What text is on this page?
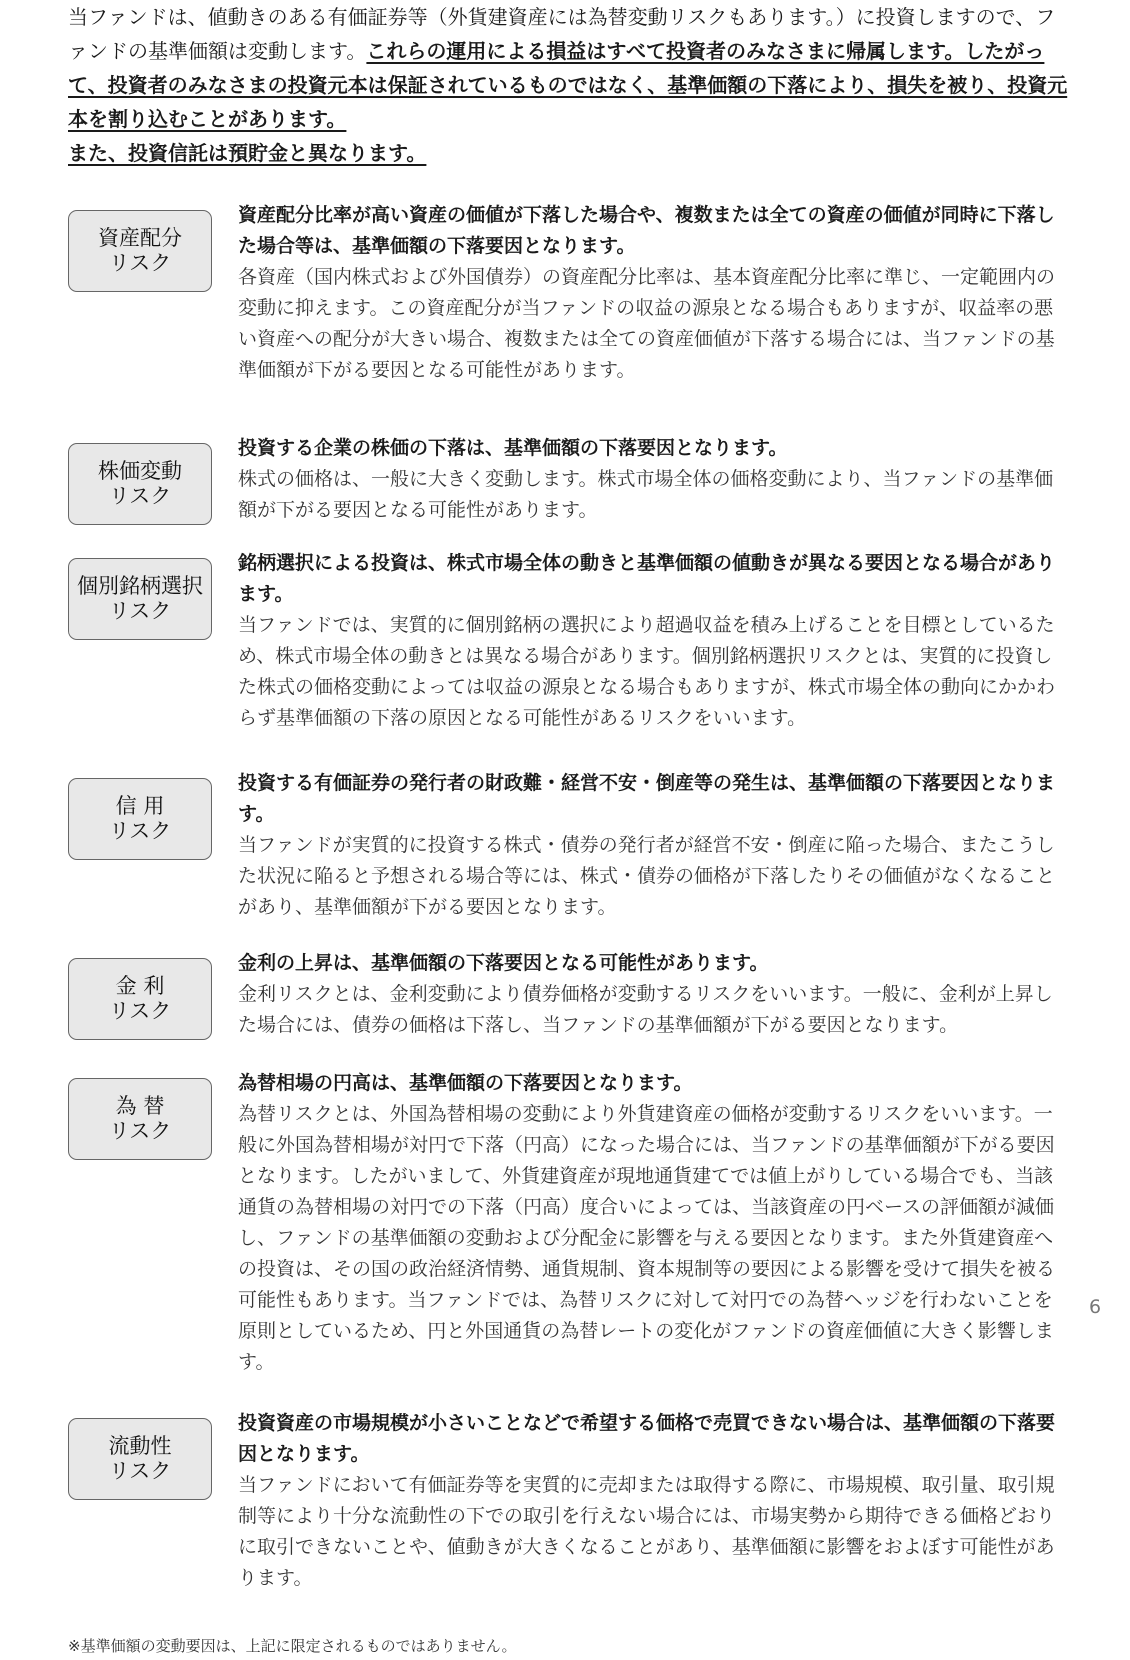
当ファンドは、値動きのある有価証券等（外貨建資産には為替変動リスクもあります。）に投資しますので、ファンドの基準価額は変動します。これらの運用による損益はすべて投資者のみなさまに帰属します。したがって、投資者のみなさまの投資元本は保証されているものではなく、基準価額の下落により、損失を被り、投資元本を割り込むことがあります。

また、投資信託は預貯金と異なります。

資産配分
リスク

資産配分比率が高い資産の価値が下落した場合や、複数または全ての資産の価値が同時に下落した場合等は、基準価額の下落要因となります。

各資産（国内株式および外国債券）の資産配分比率は、基本資産配分比率に準じ、一定範囲内の変動に抑えます。この資産配分が当ファンドの収益の源泉となる場合もありますが、収益率の悪い資産への配分が大きい場合、複数または全ての資産価値が下落する場合には、当ファンドの基準価額が下がる要因となる可能性があります。

株価変動
リスク

投資する企業の株価の下落は、基準価額の下落要因となります。

株式の価格は、一般に大きく変動します。株式市場全体の価格変動により、当ファンドの基準価額が下がる要因となる可能性があります。

個別銘柄選択
リスク

銘柄選択による投資は、株式市場全体の動きと基準価額の値動きが異なる要因となる場合があります。

当ファンドでは、実質的に個別銘柄の選択により超過収益を積み上げることを目標としているため、株式市場全体の動きとは異なる場合があります。個別銘柄選択リスクとは、実質的に投資した株式の価格変動によっては収益の源泉となる場合もありますが、株式市場全体の動向にかかわらず基準価額の下落の原因となる可能性があるリスクをいいます。

信 用
リスク

投資する有価証券の発行者の財政難・経営不安・倒産等の発生は、基準価額の下落要因となります。

当ファンドが実質的に投資する株式・債券の発行者が経営不安・倒産に陥った場合、またこうした状況に陥ると予想される場合等には、株式・債券の価格が下落したりその価値がなくなることがあり、基準価額が下がる要因となります。

金 利
リスク

金利の上昇は、基準価額の下落要因となる可能性があります。

金利リスクとは、金利変動により債券価格が変動するリスクをいいます。一般に、金利が上昇した場合には、債券の価格は下落し、当ファンドの基準価額が下がる要因となります。

為 替
リスク

為替相場の円高は、基準価額の下落要因となります。

為替リスクとは、外国為替相場の変動により外貨建資産の価格が変動するリスクをいいます。一般に外国為替相場が対円で下落（円高）になった場合には、当ファンドの基準価額が下がる要因となります。したがいまして、外貨建資産が現地通貨建てでは値上がりしている場合でも、当該通貨の為替相場の対円での下落（円高）度合いによっては、当該資産の円ベースの評価額が減価し、ファンドの基準価額の変動および分配金に影響を与える要因となります。また外貨建資産への投資は、その国の政治経済情勢、通貨規制、資本規制等の要因による影響を受けて損失を被る可能性もあります。当ファンドでは、為替リスクに対して対円での為替ヘッジを行わないことを原則としているため、円と外国通貨の為替レートの変化がファンドの資産価値に大きく影響します。

流動性
リスク

投資資産の市場規模が小さいことなどで希望する価格で売買できない場合は、基準価額の下落要因となります。

当ファンドにおいて有価証券等を実質的に売却または取得する際に、市場規模、取引量、取引規制等により十分な流動性の下での取引を行えない場合には、市場実勢から期待できる価格どおりに取引できないことや、値動きが大きくなることがあり、基準価額に影響をおよぼす可能性があります。

※基準価額の変動要因は、上記に限定されるものではありません。
6
